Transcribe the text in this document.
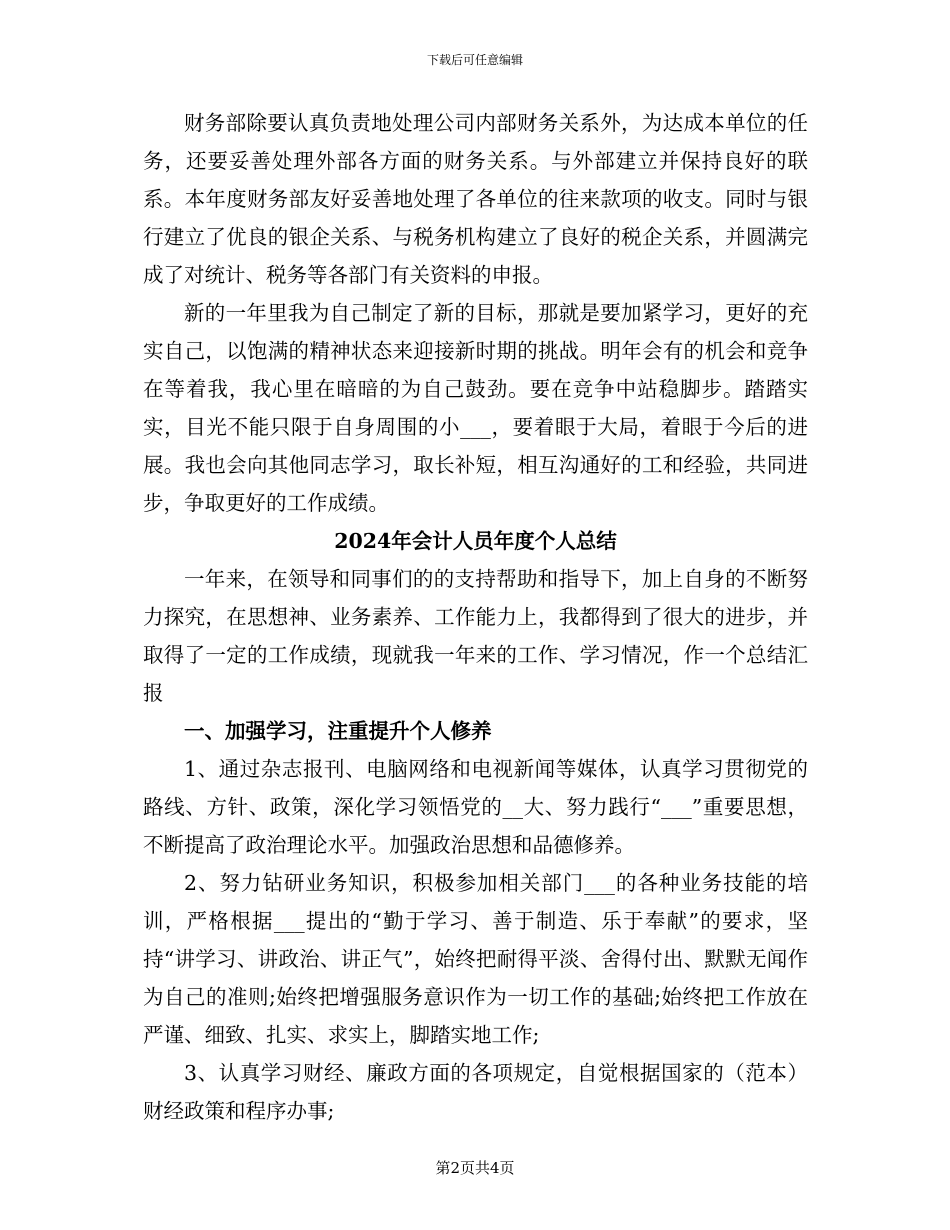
下载后可任意编辑

财务部除要认真负责地处理公司内部财务关系外，为达成本单位的任务，还要妥善处理外部各方面的财务关系。与外部建立并保持良好的联系。本年度财务部友好妥善地处理了各单位的往来款项的收支。同时与银行建立了优良的银企关系、与税务机构建立了良好的税企关系，并圆满完成了对统计、税务等各部门有关资料的申报。

新的一年里我为自己制定了新的目标，那就是要加紧学习，更好的充实自己，以饱满的精神状态来迎接新时期的挑战。明年会有的机会和竞争在等着我，我心里在暗暗的为自己鼓劲。要在竞争中站稳脚步。踏踏实实，目光不能只限于自身周围的小___，要着眼于大局，着眼于今后的进展。我也会向其他同志学习，取长补短，相互沟通好的工和经验，共同进步，争取更好的工作成绩。

2024年会计人员年度个人总结

一年来，在领导和同事们的的支持帮助和指导下，加上自身的不断努力探究，在思想神、业务素养、工作能力上，我都得到了很大的进步，并取得了一定的工作成绩，现就我一年来的工作、学习情况，作一个总结汇报

一、加强学习，注重提升个人修养

1、通过杂志报刊、电脑网络和电视新闻等媒体，认真学习贯彻党的路线、方针、政策，深化学习领悟党的__大、努力践行“___”重要思想，不断提高了政治理论水平。加强政治思想和品德修养。

2、努力钻研业务知识，积极参加相关部门___的各种业务技能的培训，严格根据___提出的“勤于学习、善于制造、乐于奉献”的要求，坚持“讲学习、讲政治、讲正气”，始终把耐得平淡、舍得付出、默默无闻作为自己的准则;始终把增强服务意识作为一切工作的基础;始终把工作放在严谨、细致、扎实、求实上，脚踏实地工作;

3、认真学习财经、廉政方面的各项规定，自觉根据国家的（范本）财经政策和程序办事;

第2页共4页
